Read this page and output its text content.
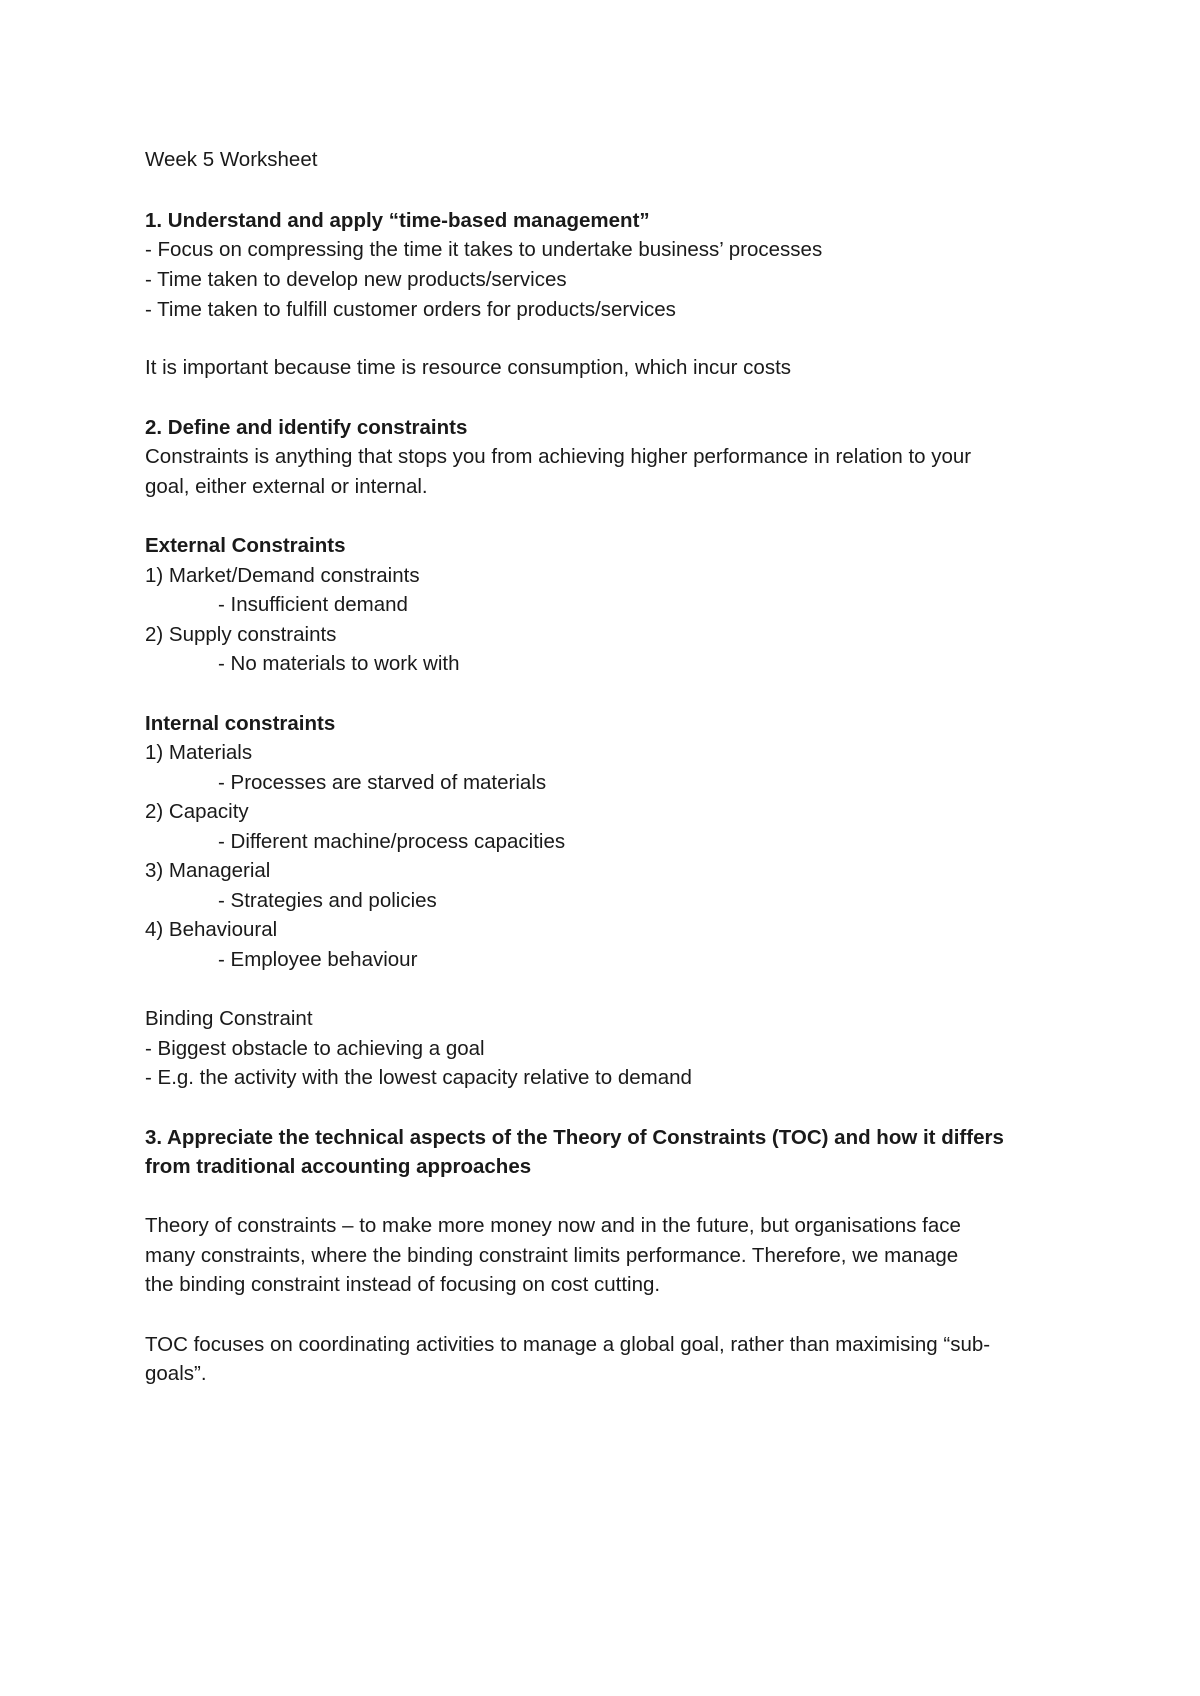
Week 5 Worksheet
1. Understand and apply “time-based management”
- Focus on compressing the time it takes to undertake business’ processes
- Time taken to develop new products/services
- Time taken to fulfill customer orders for products/services
It is important because time is resource consumption, which incur costs
2. Define and identify constraints
Constraints is anything that stops you from achieving higher performance in relation to your
goal, either external or internal.
External Constraints
1) Market/Demand constraints
- Insufficient demand
2) Supply constraints
- No materials to work with
Internal constraints
1) Materials
- Processes are starved of materials
2) Capacity
- Different machine/process capacities
3) Managerial
- Strategies and policies
4) Behavioural
- Employee behaviour
Binding Constraint
- Biggest obstacle to achieving a goal
- E.g. the activity with the lowest capacity relative to demand
3. Appreciate the technical aspects of the Theory of Constraints (TOC) and how it differs
from traditional accounting approaches
Theory of constraints – to make more money now and in the future, but organisations face
many constraints, where the binding constraint limits performance. Therefore, we manage
the binding constraint instead of focusing on cost cutting.
TOC focuses on coordinating activities to manage a global goal, rather than maximising “sub-
goals”.
